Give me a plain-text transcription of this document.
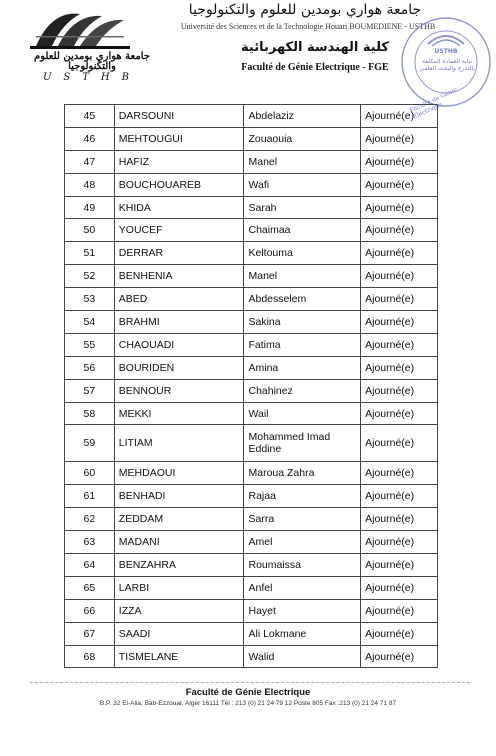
جامعة هواري بومدين للعلوم والتكنولوجيا
USTHB
جامعة هواري بومدين للعلوم والتكنولوجيا
Université des Sciences et de la Technologie Houari BOUMEDIENE - USTHB
كلية الهندسة الكهربائية
Faculté de Génie Electrique - FGE
USTHB
نيابة العمادة المكلفة بالتدرج والبحث العلمي
Faculté de Génie Electrique
45	DARSOUNI	Abdelaziz	Ajourné(e)
46	MEHTOUGUI	Zouaouia	Ajourné(e)
47	HAFIZ	Manel	Ajourné(e)
48	BOUCHOUAREB	Wafi	Ajourné(e)
49	KHIDA	Sarah	Ajourné(e)
50	YOUCEF	Chaimaa	Ajourné(e)
51	DERRAR	Keltouma	Ajourné(e)
52	BENHENIA	Manel	Ajourné(e)
53	ABED	Abdesselem	Ajourné(e)
54	BRAHMI	Sakina	Ajourné(e)
55	CHAOUADI	Fatima	Ajourné(e)
56	BOURIDEN	Amina	Ajourné(e)
57	BENNOUR	Chahinez	Ajourné(e)
58	MEKKI	Wail	Ajourné(e)
59	LITIAM	Mohammed Imad Eddine	Ajourné(e)
60	MEHDAOUI	Maroua Zahra	Ajourné(e)
61	BENHADI	Rajaa	Ajourné(e)
62	ZEDDAM	Sarra	Ajourné(e)
63	MADANI	Amel	Ajourné(e)
64	BENZAHRA	Roumaissa	Ajourné(e)
65	LARBI	Anfel	Ajourné(e)
66	IZZA	Hayet	Ajourné(e)
67	SAADI	Ali Lokmane	Ajourné(e)
68	TISMELANE	Walid	Ajourné(e)
Faculté de Génie Electrique
B.P. 32 El-Alia, Bab-Ezzouar, Alger 16111 Tél : 213 (0) 21 24 79 12 Poste 805 Fax :213 (0) 21 24 71 87
